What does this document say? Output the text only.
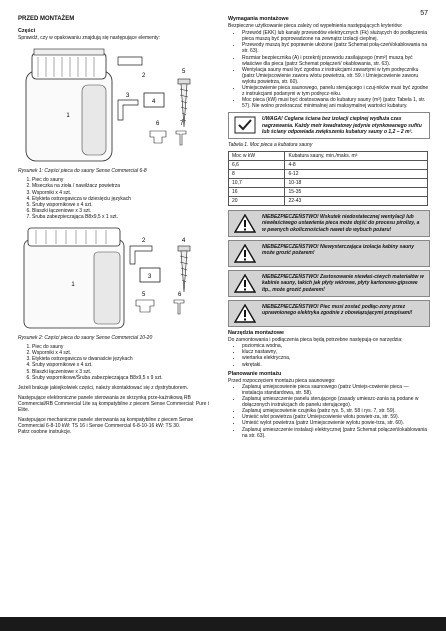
57
PRZED MONTAŻEM
Części
Sprawdź, czy w opakowaniu znajdują się następujące elementy:
1
2
3
4
5
6	7
Rysunek 1: Części pieca do sauny Sense Commercial 6-8
1. Piec do sauny
2. Miseczka na zioła / nawilżacz powietrza
3. Wsporniki x 4 szt.
4. Etykieta ostrzegawcza w dziesięciu językach
5. Śruby wspornikowe x 4 szt.
6. Blaszki łączeniowe x 3 szt.
7. Śruba zabezpieczająca B8x9,5 x 1 szt.
1
2
3
4
5	6
Rysunek 2: Części pieca do sauny Sense Commercial 10-20
1. Piec do sauny
2. Wsporniki x 4 szt.
3. Etykieta ostrzegawcza w dwanaście językach
4. Śruby wspornikowe x 4 szt.
5. Blaszki łączeniowe x 3 szt.
6. Śruby wspornikowe/Śruba zabezpieczająca B8x9,5 x 9 szt.
Jeżeli brakuje jakiejkolwiek części, należy skontaktować się z dystrybutorem.
Następujące elektroniczne panele sterowania ze skrzynką prze-kaźnikową RB Commercial/RB Commercial Lite są kompatybilne z piecem Sense Commercial: Pure i Elite.
Następujące mechaniczne panele sterowania są kompatybilne z piecem Sense Commercial 6-8-10 kW: TS 16 i Sense Commercial 6-8-10-16 kW: TS 30.
Patrz osobne instrukcje.
Wymagania montażowe
Bezpieczne użytkowanie pieca zależy od wypełnienia następujących kryteriów:
• Przewód (EKK) lub kanały przewodów elektrycznych (Fk) służących do podłączenia pieca muszą być poprowadzone na zewnątrz izolacji cieplnej.
• Przewody muszą być poprawnie ułożone (patrz Schemat połą-czeń/okablowania na str. 63).
• Rozmiar bezpiecznika (A) i przekrój przewodu zasilającego (mm²) muszą być właściwe dla pieca (patrz Schemat połączeń/ okablowania, str. 63).
• Wentylacja sauny musi być zgodna z instrukcjami zawartymi w tym podręczniku (patrz Umiejscowienie zaworu wlotu powietrza, str. 59. i Umiejscowienie zaworu wylotu powietrza, str. 60).
• Umiejscowienie pieca saunowego, panelu sterującego i czuj-ników musi być zgodne z instrukcjami podanymi w tym podręcz-niku.
• Moc pieca (kW) musi być dostosowana do kubatury sauny (m³) (patrz Tabela 1, str. 57). Nie wolno przekraczać minimalnej ani maksymalnej wartości kubatury.
UWAGA! Ceglana ściana bez izolacji cieplnej wydłuża czas nagrzewania. Każdy metr kwadratowy jedynie otynkowanego sufitu lub ściany odpowiada zwiększeniu kubatury sauny o 1,2 – 2 m³.
Tabela 1. Moc pieca a kubatura sauny
Moc w kW	Kubatura sauny, min./maks. m³
6,6	4-8
8	6-12
10,7	10-18
16	15-35
20	22-43
NIEBEZPIECZEŃSTWO! Wskutek niedostatecznej wentylacji lub niewłaściwego ustawienia pieca może dojść do procesu pirolizy, a w pewnych okolicznościach nawet do wybuch pożaru!
NIEBEZPIECZEŃSTWO! Niewystarczająca izolacja kabiny sauny może grozić pożarem!
NIEBEZPIECZEŃSTWO! Zastosowanie niewłaś-ciwych materiałów w kabinie sauny, takich jak płyty wiórowe, płyty kartonowo-gipsowe itp., może grozić pożarem!
NIEBEZPIECZEŃSTWO! Piec musi zostać podłąc-zony przez uprawnionego elektryka zgodnie z obowiązującymi przepisami!
Narzędzia montażowe
Do zamontowania i podłączenia pieca będą potrzebne następują-ce narzędzia:
• poziomica wodna,
• klucz nastawny,
• wiertarka elektryczna,
• wkrętaki.
Planowanie montażu
Przed rozpoczęciem montażu pieca saunowego:
• Zaplanuj umiejscowienie pieca saunowego (patrz Umiejs-cowienie pieca — instalacja standardowa, str. 58).
• Zaplanuj umieszczenie panelu sterującego (zasady umieszc-zania są podane w dołączonych instrukcjach do panelu sterującego).
• Zaplanuj umiejscowienie czujnika (patrz rys. 5, str. 58 i rys. 7, str. 59).
• Umieść wlot powietrza (patrz Umiejscowienie wlotu powietr-za, str. 59).
• Umieść wylot powietrza (patrz Umiejscowienie wylotu powie-trza, str. 60).
• Zaplanuj umieszczenie instalacji elektrycznej (patrz Schemat połączeń/okablowania na str. 63).
